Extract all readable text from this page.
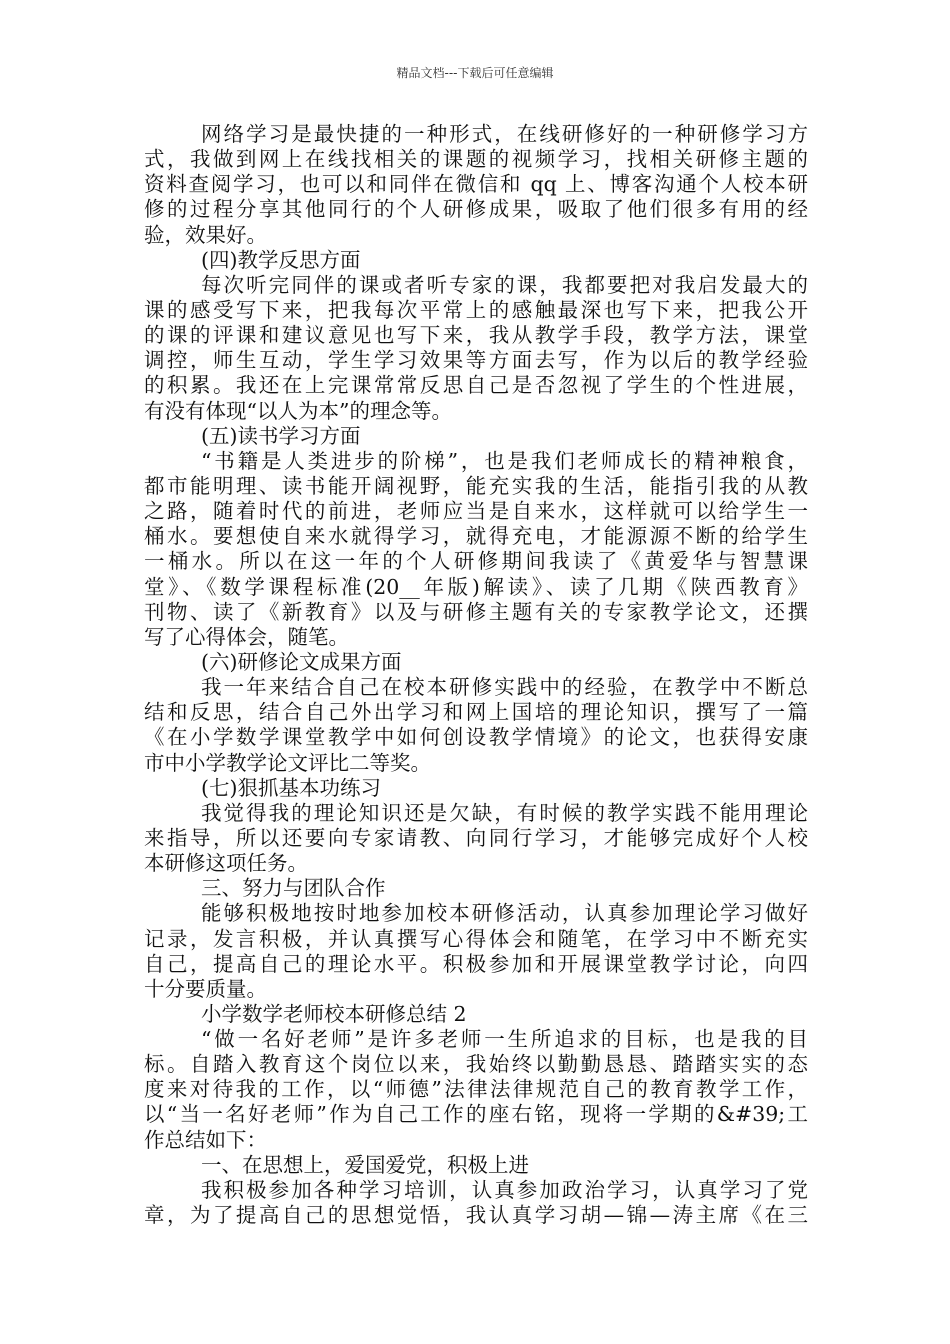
精品文档---下载后可任意编辑
网络学习是最快捷的一种形式，在线研修好的一种研修学习方
式，我做到网上在线找相关的课题的视频学习，找相关研修主题的
资料查阅学习，也可以和同伴在微信和 qq 上、博客沟通个人校本研
修的过程分享其他同行的个人研修成果，吸取了他们很多有用的经
验，效果好。
(四)教学反思方面
每次听完同伴的课或者听专家的课，我都要把对我启发最大的
课的感受写下来，把我每次平常上的感触最深也写下来，把我公开
的课的评课和建议意见也写下来，我从教学手段，教学方法，课堂
调控，师生互动，学生学习效果等方面去写，作为以后的教学经验
的积累。我还在上完课常常反思自己是否忽视了学生的个性进展，
有没有体现“以人为本”的理念等。
(五)读书学习方面
“书籍是人类进步的阶梯”，也是我们老师成长的精神粮食，
都市能明理、读书能开阔视野，能充实我的生活，能指引我的从教
之路，随着时代的前进，老师应当是自来水，这样就可以给学生一
桶水。要想使自来水就得学习，就得充电，才能源源不断的给学生
一桶水。所以在这一年的个人研修期间我读了《黄爱华与智慧课
堂》、《数学课程标准(20__年版)解读》、读了几期《陕西教育》
刊物、读了《新教育》以及与研修主题有关的专家教学论文，还撰
写了心得体会，随笔。
(六)研修论文成果方面
我一年来结合自己在校本研修实践中的经验，在教学中不断总
结和反思，结合自己外出学习和网上国培的理论知识，撰写了一篇
《在小学数学课堂教学中如何创设教学情境》的论文，也获得安康
市中小学教学论文评比二等奖。
(七)狠抓基本功练习
我觉得我的理论知识还是欠缺，有时候的教学实践不能用理论
来指导，所以还要向专家请教、向同行学习，才能够完成好个人校
本研修这项任务。
三、努力与团队合作
能够积极地按时地参加校本研修活动，认真参加理论学习做好
记录，发言积极，并认真撰写心得体会和随笔，在学习中不断充实
自己，提高自己的理论水平。积极参加和开展课堂教学讨论，向四
十分要质量。
小学数学老师校本研修总结 2
“做一名好老师”是许多老师一生所追求的目标，也是我的目
标。自踏入教育这个岗位以来，我始终以勤勤恳恳、踏踏实实的态
度来对待我的工作，以“师德”法律法律规范自己的教育教学工作，
以“当一名好老师”作为自己工作的座右铭，现将一学期的&#39;工
作总结如下：
一、在思想上，爱国爱党，积极上进
我积极参加各种学习培训，认真参加政治学习，认真学习了党
章，为了提高自己的思想觉悟，我认真学习胡—锦—涛主席《在三
